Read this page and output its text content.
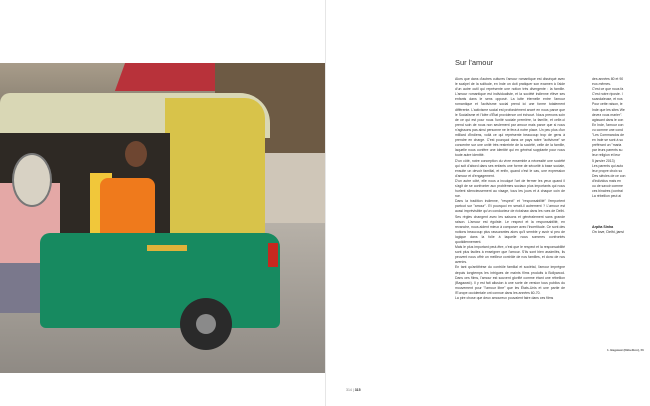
Sur l'amour

Alors que dans d'autres cultures l'amour romantique est disséqué avec le scalpel de la solitude, en Inde on doit pratiquer son examen à l'aide d'un autre outil qui représente une notion très divergente : la famille. L'amour romantique est individualiste, et la société indienne élève ses enfants dans le sens opposé. La lutte éternelle entre l'amour romantique et l'activisme social prend ici une forme totalement différente. L'activisme social est profondément ancré en nous parce que le Socialisme et l'Idée d'État providence ont échoué. Nous prenons soin de ce qui est pour nous l'unité sociale première, la famille, et celle-ci prend soin de nous non seulement par amour mais parce que si nous n'agissons pas ainsi personne ne le fera à notre place. Un peu plus d'un milliard d'Indiens, voilà ce qui représente beaucoup trop de gens à prendre en charge. C'est pourquoi dans ce pays notre "activisme" se concentre sur une unité très restreinte de la société, celle de la famille, laquelle nous confère une identité qui en général supplante pour nous toute autre identité.

D'un côté, notre conception du vivre ensemble a nécessité une société qui soit d'abord dans ses enfants une forme de sécurité à base sociale, ensuite un devoir familial, et enfin, quand c'est le cas, une expression d'amour et d'engagement.

D'un autre côté, elle nous a inculqué l'art de fermer les yeux quand il s'agit de se confronter aux problèmes sociaux plus importants qui nous hurlent silencieusement au visage, tous les jours et à chaque coin de rue.

Dans la tradition indienne, "respect" et "responsabilité" l'emportent partout sur "amour". Et pourquoi en serait-il autrement ? L'amour est aussi imprévisible qu'un conducteur de rickshaw dans les rues de Delhi. Ses règles changent avec les saisons et généralement sans grande raison. L'amour est égoïste. Le respect et la responsabilité, en revanche, nous aident mieux à composer avec l'incertitude. Ce sont des notions beaucoup plus rassurantes alors qu'il semble y avoir si peu de logique dans la folie à laquelle nous sommes confrontés quotidiennement.

Mais le plus important peut-être, c'est que le respect et la responsabilité sont plus faciles à enseigner que l'amour. S'ils sont bien assimilés, ils peuvent nous offrir un meilleur contrôle de nos familles, et donc de nos avenirs.

En tant qu'antithèse du contrôle familial et sociétal, l'amour imprègne depuis longtemps les intrigues de maints films produits à Bollywood. Dans ces films, l'amour est souvent glorifié comme étant une rébellion (Bagawat¹). Il y est fait allusion à une sorte de version tous publics du mouvement pour "l'amour libre" que les États-Unis et une partie de l'Europe occidentale ont connue dans les années 60-70.

La pire chose que deux amoureux pouvaient faire dans ces films

des années 80 et 90
eux-mêmes.
C'est ce que nous fa
C'est notre riposte. l
scandaleuse, et nos
Pour cette raison, le
Inde que les sites We
devez vous marier".
agissant dans le con
En Inde, l'amour con
vu comme une cond
"Les Commandos de
en Inde se sont à so
préférant un "maria
par leurs parents su
leur religion et leur
5 janvier 2013)
Les parents qui auto
leur propre choix so
Des siècles de ce con
d'individus mais en
ou de savoir comme
ces binaires (contrai
La rébellion peut ai
Arpita Sinha
On love, Delhi, janvi
1. Bagawat (Rébellion), Ri
314 | 315
